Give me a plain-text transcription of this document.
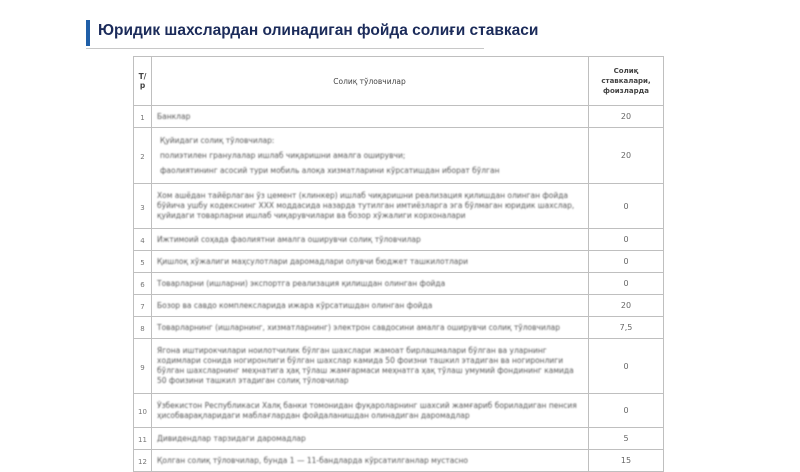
Юридик шахслардан олинадиган фойда солиғи ставкаси
Т/
р	Солиқ тўловчилар	Солиқ
ставкалари,
фоизларда

1	Банклар	20
2	Қуйидаги солиқ тўловчилар:
полиэтилен гранулалар ишлаб чиқаришни амалга оширувчи;
фаолиятининг асосий тури мобиль алоқа хизматларини кўрсатишдан иборат бўлган	20
3	Хом ашёдан тайёрлаган ўз цемент (клинкер) ишлаб чиқаришни реализация қилишдан олинган фойда бўйича ушбу кодекснинг XXX моддасида назарда тутилган имтиёзларга эга бўлмаган юридик шахслар, қуйидаги товарларни ишлаб чиқарувчилари ва бозор хўжалиги корхоналари	0
4	Ижтимоий соҳада фаолиятни амалга оширувчи солиқ тўловчилар	0
5	Қишлоқ хўжалиги маҳсулотлари даромадлари олувчи бюджет ташкилотлари	0
6	Товарларни (ишларни) экспортга реализация қилишдан олинган фойда	0
7	Бозор ва савдо комплексларида ижара кўрсатишдан олинган фойда	20
8	Товарларнинг (ишларнинг, хизматларнинг) электрон савдосини амалга оширувчи солиқ тўловчилар	7,5
9	Ягона иштирокчилари ноилотчилик бўлган шахслари жамоат бирлашмалари бўлган ва уларнинг ходимлари сонида ногиронлиги бўлган шахслар камида 50 фоизни ташкил этадиган ва ногиронлиги бўлган шахсларнинг меҳнатига ҳақ тўлаш жамғармаси меҳнатга ҳақ тўлаш умумий фондининг камида 50 фоизини ташкил этадиган солиқ тўловчилар	0
10	Ўзбекистон Республикаси Халқ банки томонидан фуқароларнинг шахсий жамғариб бориладиган пенсия ҳисобварақларидаги маблағлардан фойдаланишдан олинадиган даромадлар	0
11	Дивидендлар тарзидаги даромадлар	5
12	Қолган солиқ тўловчилар, бунда 1 — 11-бандларда кўрсатилганлар мустасно	15
